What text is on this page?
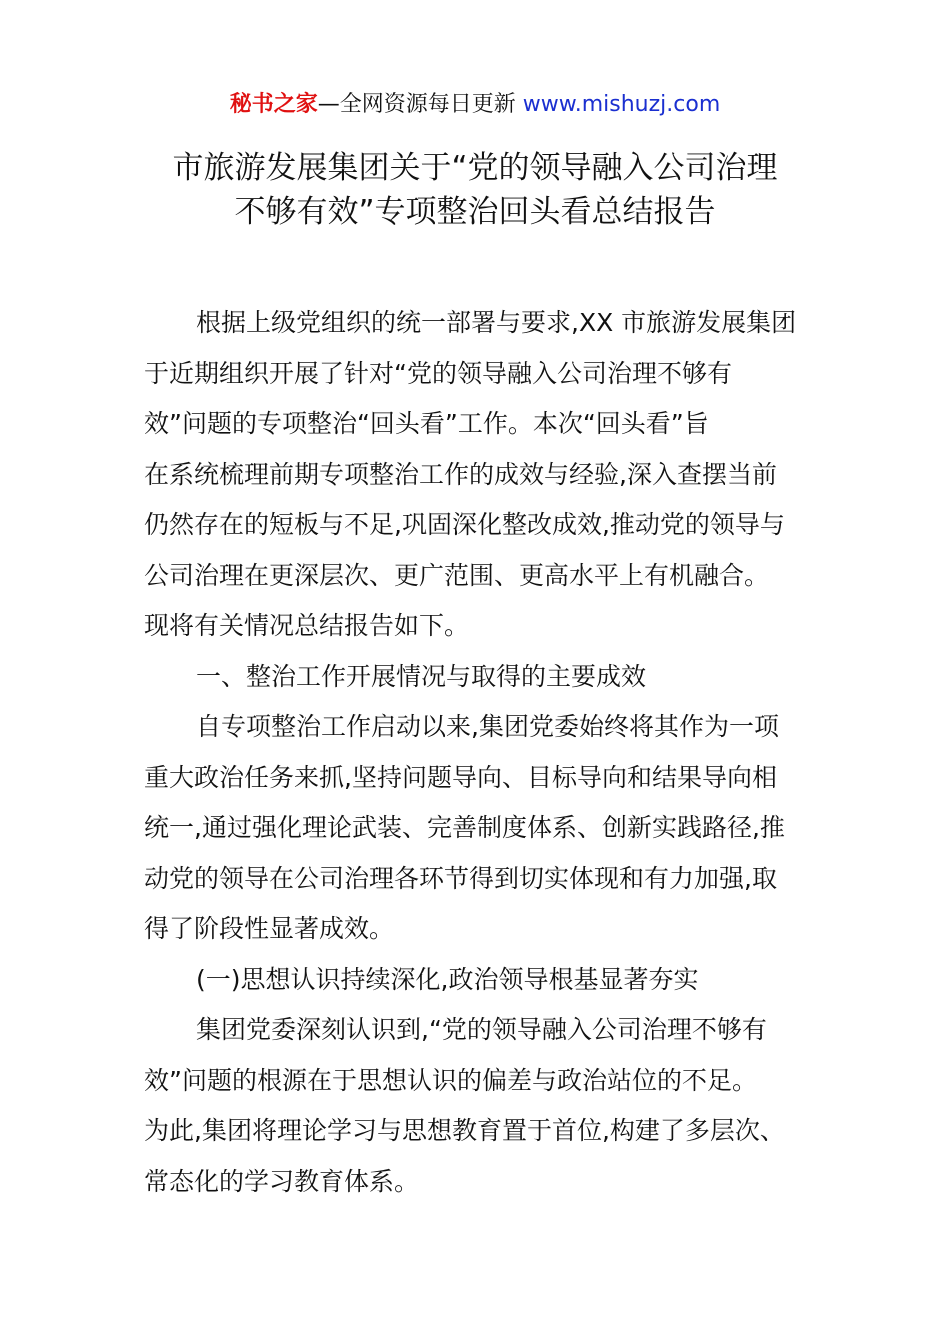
秘书之家—全网资源每日更新 www.mishuzj.com
市旅游发展集团关于“党的领导融入公司治理
不够有效”专项整治回头看总结报告
根据上级党组织的统一部署与要求,XX 市旅游发展集团
于近期组织开展了针对“党的领导融入公司治理不够有
效”问题的专项整治“回头看”工作。本次“回头看”旨
在系统梳理前期专项整治工作的成效与经验,深入查摆当前
仍然存在的短板与不足,巩固深化整改成效,推动党的领导与
公司治理在更深层次、更广范围、更高水平上有机融合。
现将有关情况总结报告如下。
一、整治工作开展情况与取得的主要成效
自专项整治工作启动以来,集团党委始终将其作为一项
重大政治任务来抓,坚持问题导向、目标导向和结果导向相
统一,通过强化理论武装、完善制度体系、创新实践路径,推
动党的领导在公司治理各环节得到切实体现和有力加强,取
得了阶段性显著成效。
(一)思想认识持续深化,政治领导根基显著夯实
集团党委深刻认识到,“党的领导融入公司治理不够有
效”问题的根源在于思想认识的偏差与政治站位的不足。
为此,集团将理论学习与思想教育置于首位,构建了多层次、
常态化的学习教育体系。
